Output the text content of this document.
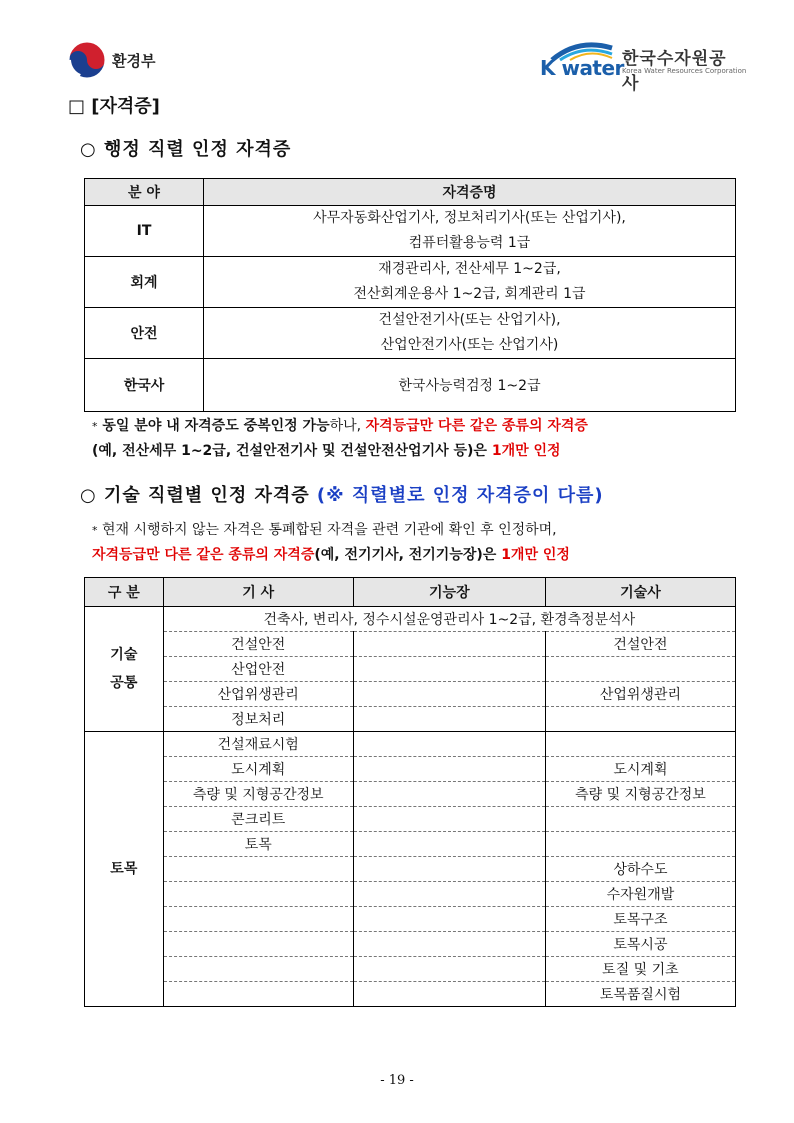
환경부	K water
한국수자원공사
Korea Water Resources Corporation
□ [자격증]
○ 행정 직렬 인정 자격증
분 야	자격증명
IT	사무자동화산업기사, 정보처리기사(또는 산업기사),
컴퓨터활용능력 1급

회계	재경관리사, 전산세무 1~2급,
전산회계운용사 1~2급, 회계관리 1급

안전	건설안전기사(또는 산업기사),
산업안전기사(또는 산업기사)

한국사	한국사능력검정 1~2급
* 동일 분야 내 자격증도 중복인정 가능하나, 자격등급만 다른 같은 종류의 자격증
(예, 전산세무 1~2급, 건설안전기사 및 건설안전산업기사 등)은 1개만 인정
○ 기술 직렬별 인정 자격증 (※ 직렬별로 인정 자격증이 다름)
* 현재 시행하지 않는 자격은 통폐합된 자격을 관련 기관에 확인 후 인정하며,
자격등급만 다른 같은 종류의 자격증(예, 전기기사, 전기기능장)은 1개만 인정
구 분	기 사	기능장	기술사

기술
공통	건축사, 변리사, 정수시설운영관리사 1~2급, 환경측정분석사		
	건설안전		건설안전
	산업안전		
	산업위생관리		산업위생관리
	정보처리		
토목	건설재료시험		
	도시계획		도시계획
	측량 및 지형공간정보		측량 및 지형공간정보
	콘크리트		
	토목		
			상하수도
			수자원개발
			토목구조
			토목시공
			토질 및 기초
			토목품질시험
- 19 -
